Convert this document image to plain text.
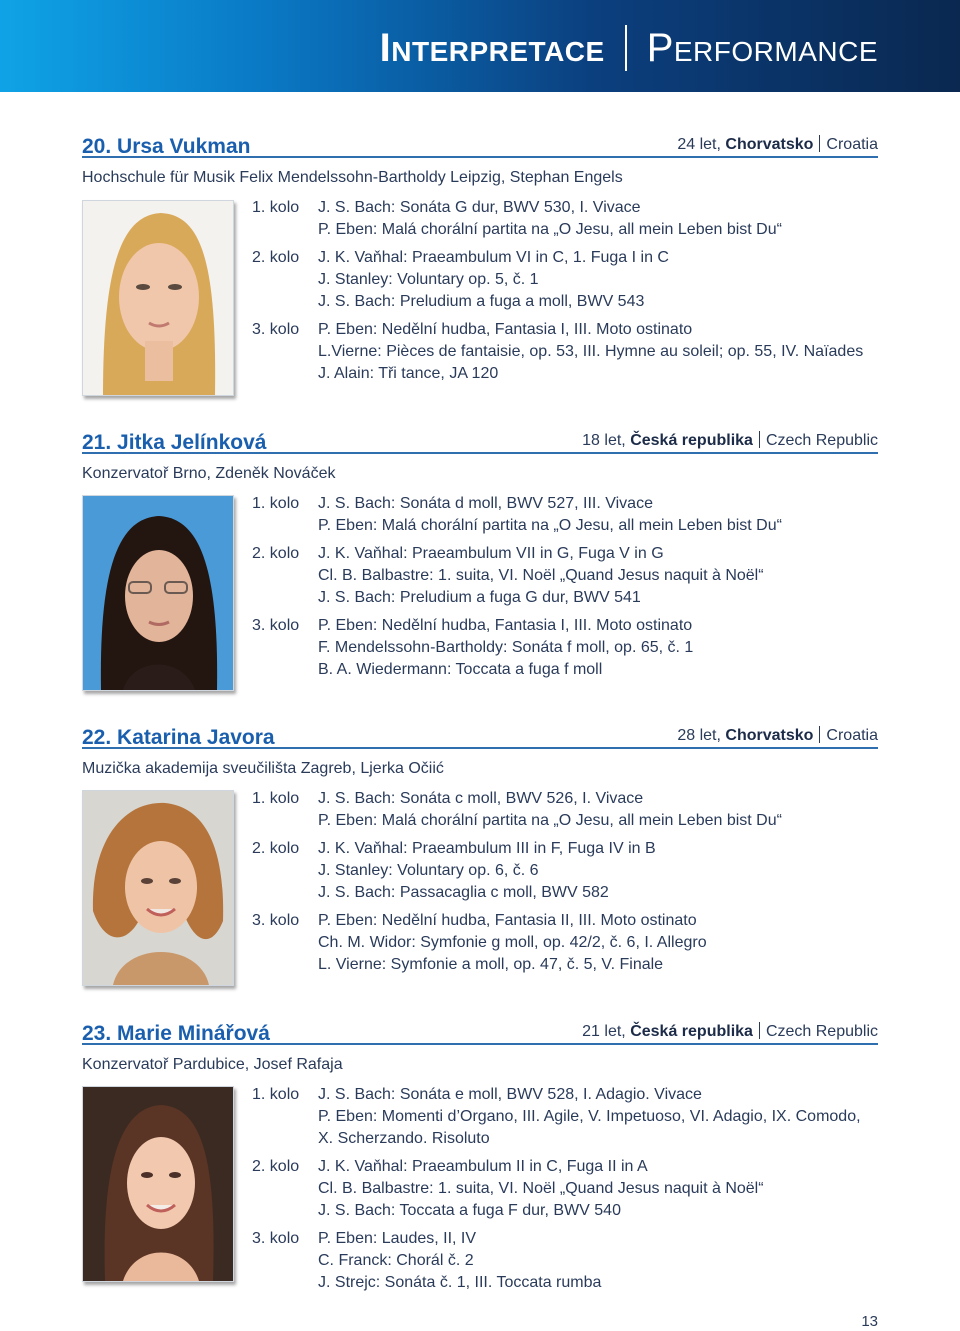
Interpretace Performance
20. Ursa Vukman	24 let, Chorvatsko Croatia
Hochschule für Musik Felix Mendelssohn-Bartholdy Leipzig, Stephan Engels
1. kolo	J. S. Bach: Sonáta G dur, BWV 530, I. Vivace
P. Eben: Malá chorální partita na „O Jesu, all mein Leben bist Du“
2. kolo	J. K. Vaňhal: Praeambulum VI in C, 1. Fuga I in C
J. Stanley: Voluntary op. 5, č. 1
J. S. Bach: Preludium a fuga a moll, BWV 543
3. kolo	P. Eben: Nedělní hudba, Fantasia I, III. Moto ostinato
L.Vierne: Pièces de fantaisie, op. 53, III. Hymne au soleil; op. 55, IV. Naïades
J. Alain: Tři tance, JA 120
21. Jitka Jelínková	18 let, Česká republika Czech Republic
Konzervatoř Brno, Zdeněk Nováček
1. kolo	J. S. Bach: Sonáta d moll, BWV 527, III. Vivace
P. Eben: Malá chorální partita na „O Jesu, all mein Leben bist Du“
2. kolo	J. K. Vaňhal: Praeambulum VII in G, Fuga V in G
Cl. B. Balbastre: 1. suita, VI. Noël „Quand Jesus naquit à Noël“
J. S. Bach: Preludium a fuga G dur, BWV 541
3. kolo	P. Eben: Nedělní hudba, Fantasia I, III. Moto ostinato
F. Mendelssohn-Bartholdy: Sonáta f moll, op. 65, č. 1
B. A. Wiedermann: Toccata a fuga f moll
22. Katarina Javora	28 let, Chorvatsko Croatia
Muzička akademija sveučilišta Zagreb, Ljerka Očiić
1. kolo	J. S. Bach: Sonáta c moll, BWV 526, I. Vivace
P. Eben: Malá chorální partita na „O Jesu, all mein Leben bist Du“
2. kolo	J. K. Vaňhal: Praeambulum III in F, Fuga IV in B
J. Stanley: Voluntary op. 6, č. 6
J. S. Bach: Passacaglia c moll, BWV 582
3. kolo	P. Eben: Nedělní hudba, Fantasia II, III. Moto ostinato
Ch. M. Widor: Symfonie g moll, op. 42/2, č. 6, I. Allegro
L. Vierne: Symfonie a moll, op. 47, č. 5, V. Finale
23. Marie Minářová	21 let, Česká republika Czech Republic
Konzervatoř Pardubice, Josef Rafaja
1. kolo	J. S. Bach: Sonáta e moll, BWV 528, I. Adagio. Vivace
P. Eben: Momenti d’Organo, III. Agile, V. Impetuoso, VI. Adagio, IX. Comodo,
X. Scherzando. Risoluto
2. kolo	J. K. Vaňhal: Praeambulum II in C, Fuga II in A
Cl. B. Balbastre: 1. suita, VI. Noël „Quand Jesus naquit à Noël“
J. S. Bach: Toccata a fuga F dur, BWV 540
3. kolo	P. Eben: Laudes, II, IV
C. Franck: Chorál č. 2
J. Strejc: Sonáta č. 1, III. Toccata rumba
13
